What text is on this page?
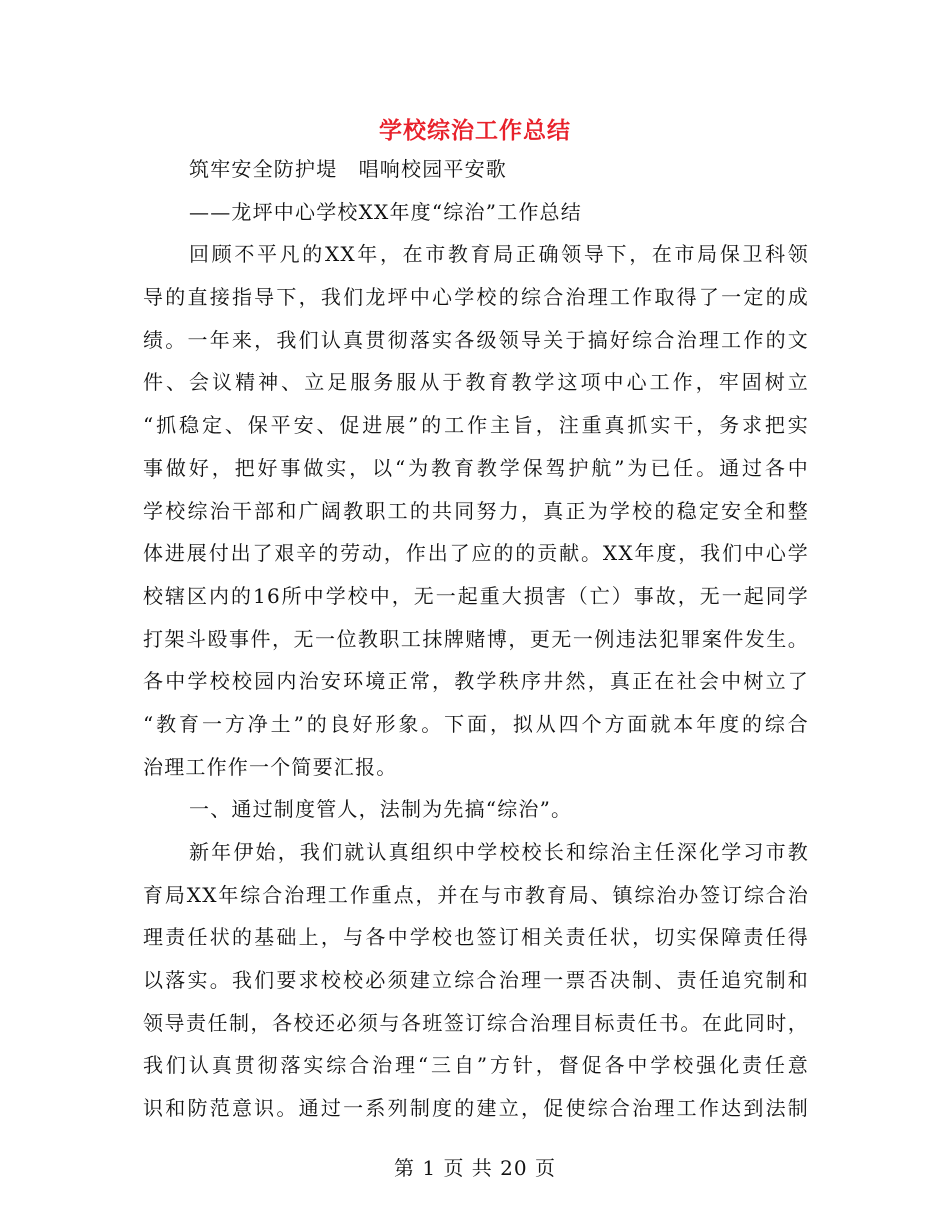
学校综治工作总结
筑牢安全防护堤　唱响校园平安歌
——龙坪中心学校XX年度“综治”工作总结
回顾不平凡的XX年，在市教育局正确领导下，在市局保卫科领
导的直接指导下，我们龙坪中心学校的综合治理工作取得了一定的成
绩。一年来，我们认真贯彻落实各级领导关于搞好综合治理工作的文
件、会议精神、立足服务服从于教育教学这项中心工作，牢固树立
“抓稳定、保平安、促进展”的工作主旨，注重真抓实干，务求把实
事做好，把好事做实，以“为教育教学保驾护航”为已任。通过各中
学校综治干部和广阔教职工的共同努力，真正为学校的稳定安全和整
体进展付出了艰辛的劳动，作出了应的的贡献。XX年度，我们中心学
校辖区内的16所中学校中，无一起重大损害（亡）事故，无一起同学
打架斗殴事件，无一位教职工抹牌赌博，更无一例违法犯罪案件发生。
各中学校校园内治安环境正常，教学秩序井然，真正在社会中树立了
“教育一方净土”的良好形象。下面，拟从四个方面就本年度的综合
治理工作作一个简要汇报。
一、通过制度管人，法制为先搞“综治”。
新年伊始，我们就认真组织中学校校长和综治主任深化学习市教
育局XX年综合治理工作重点，并在与市教育局、镇综治办签订综合治
理责任状的基础上，与各中学校也签订相关责任状，切实保障责任得
以落实。我们要求校校必须建立综合治理一票否决制、责任追究制和
领导责任制，各校还必须与各班签订综合治理目标责任书。在此同时，
我们认真贯彻落实综合治理“三自”方针，督促各中学校强化责任意
识和防范意识。通过一系列制度的建立，促使综合治理工作达到法制
第 1 页 共 20 页
